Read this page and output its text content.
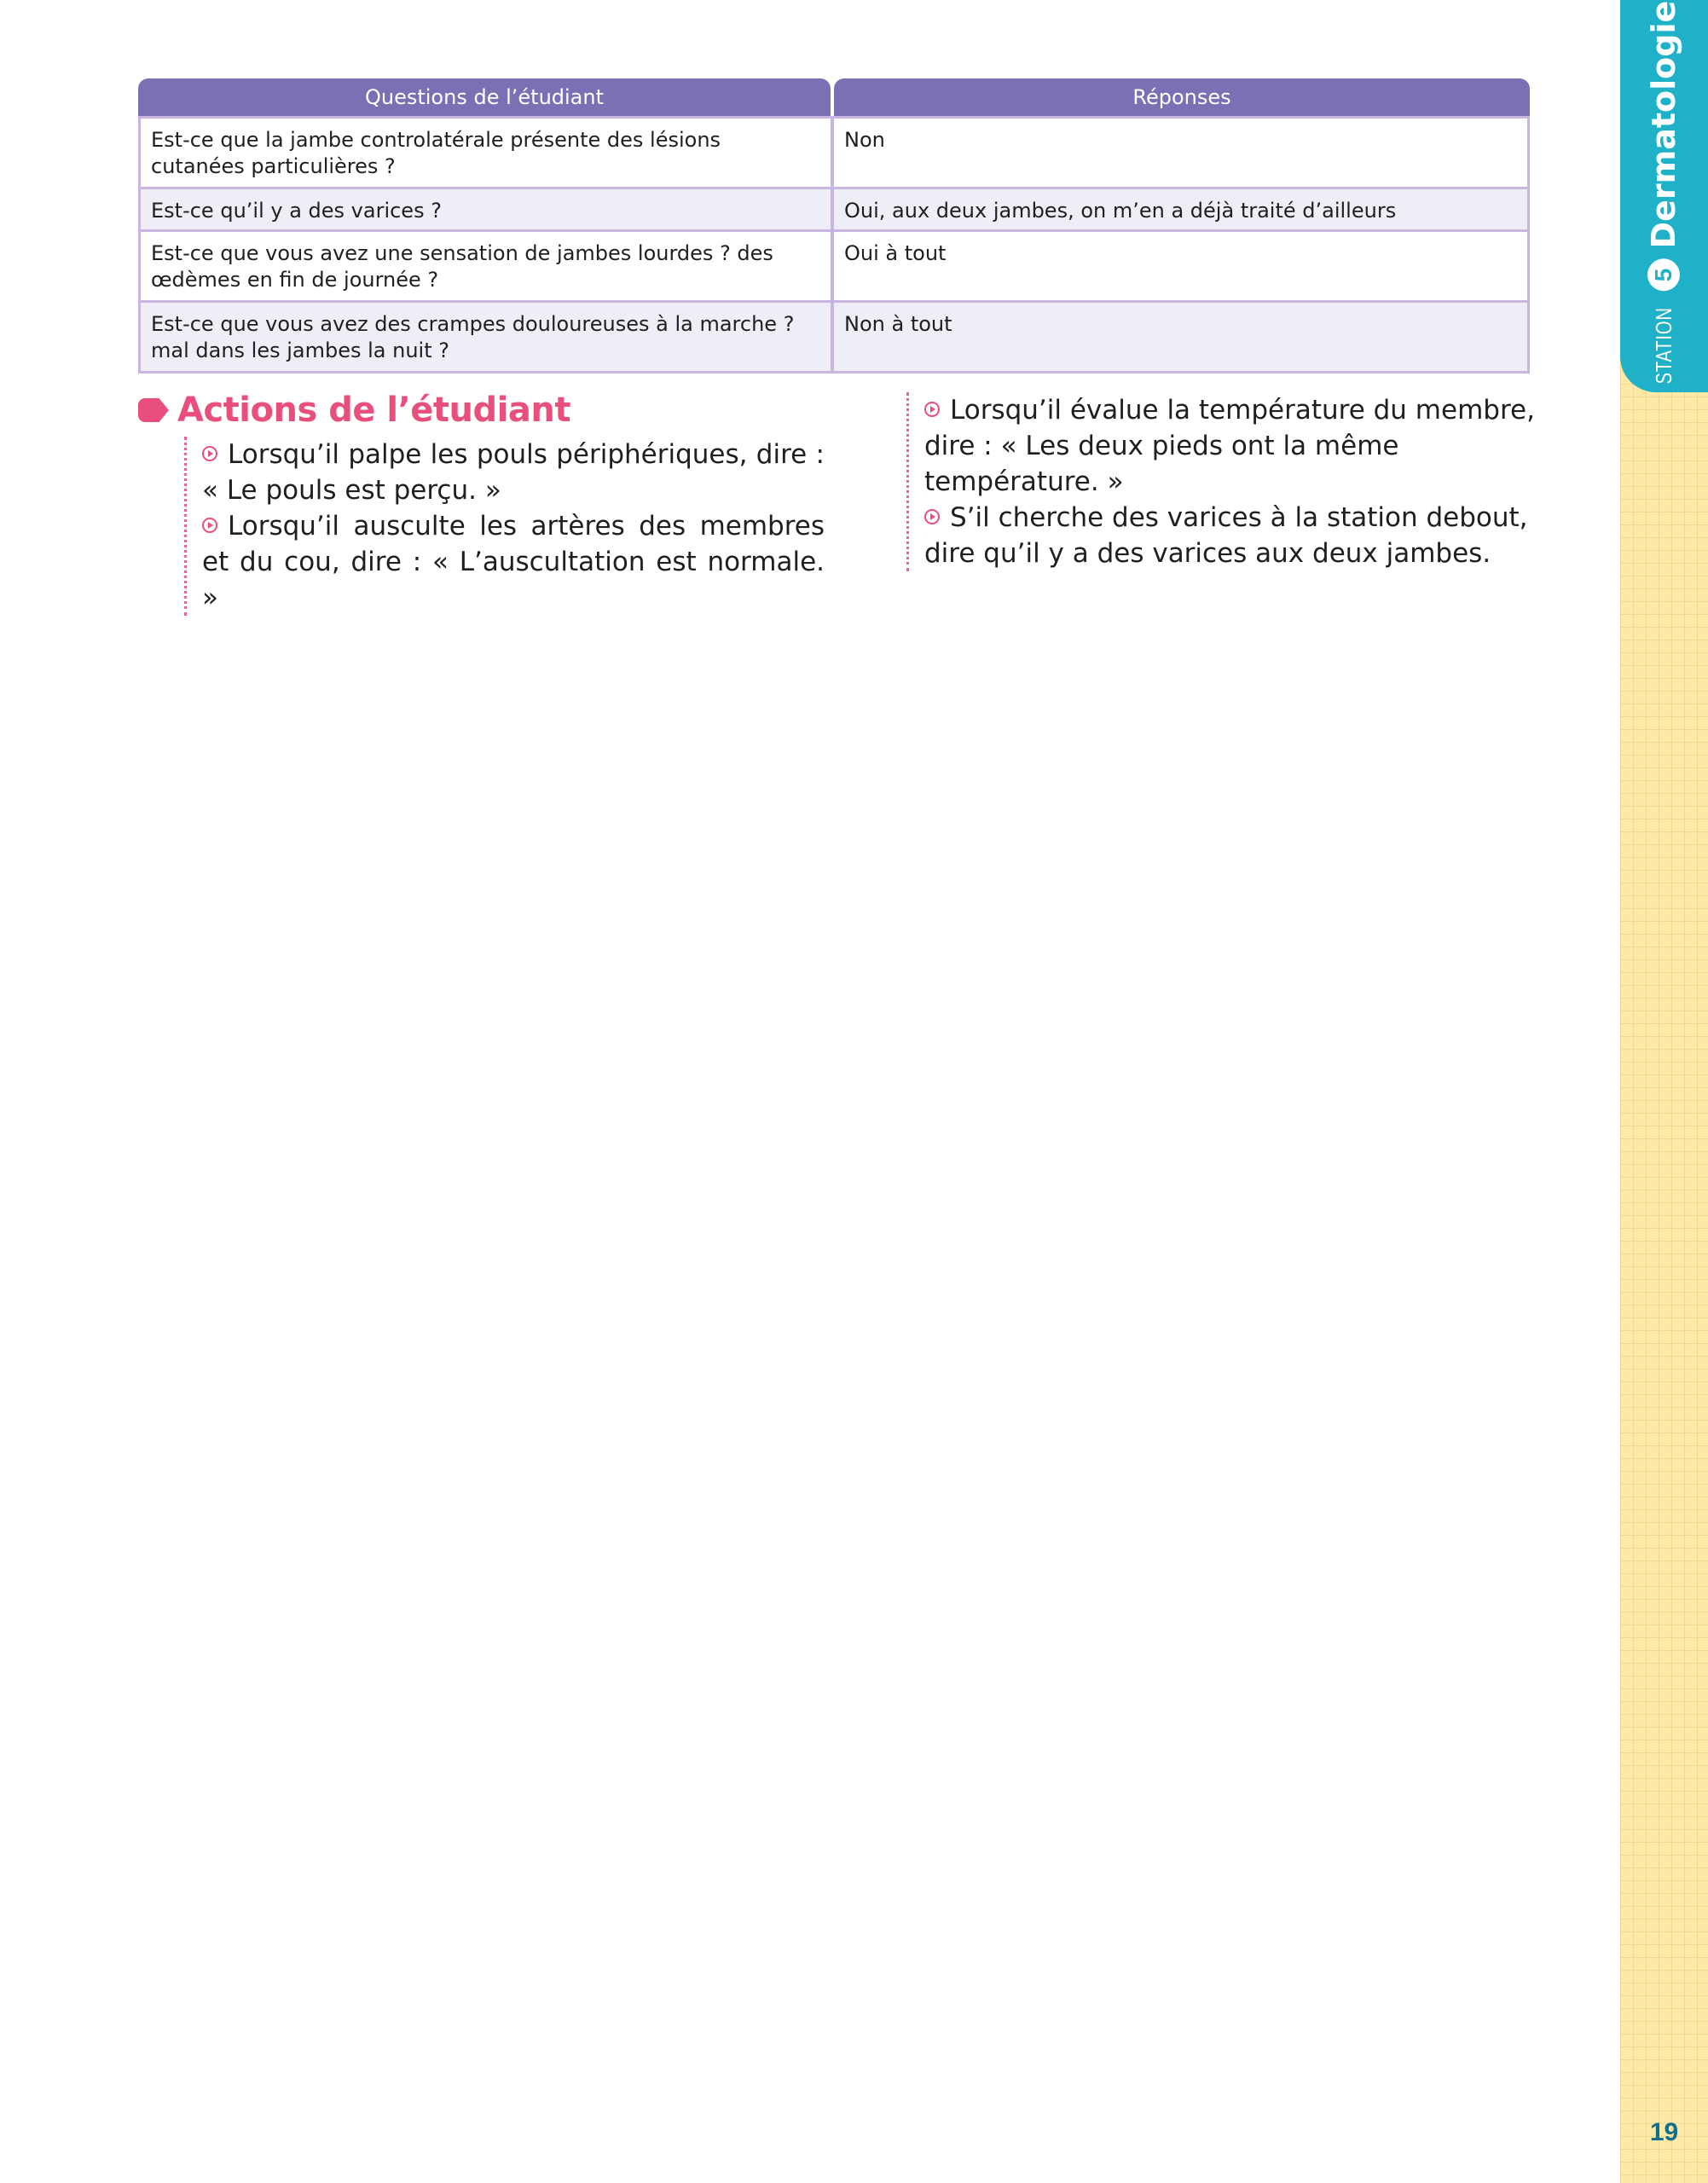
STATION
5
Dermatologie
19
Questions de l’étudiant		Réponses
Est-ce que la jambe controlatérale présente des lésions cutanées particulières ?		Non
Est-ce qu’il y a des varices ?		Oui, aux deux jambes, on m’en a déjà traité d’ailleurs
Est-ce que vous avez une sensation de jambes lourdes ? des œdèmes en fin de journée ?		Oui à tout
Est-ce que vous avez des crampes douloureuses à la marche ? mal dans les jambes la nuit ?		Non à tout
Actions de l’étudiant

Lorsqu’il palpe les pouls périphériques, dire : « Le pouls est perçu. »

Lorsqu’il ausculte les artères des membres et du cou, dire : « L’auscultation est normale. »

Lorsqu’il évalue la température du membre, dire : « Les deux pieds ont la même température. »

S’il cherche des varices à la station debout, dire qu’il y a des varices aux deux jambes.
